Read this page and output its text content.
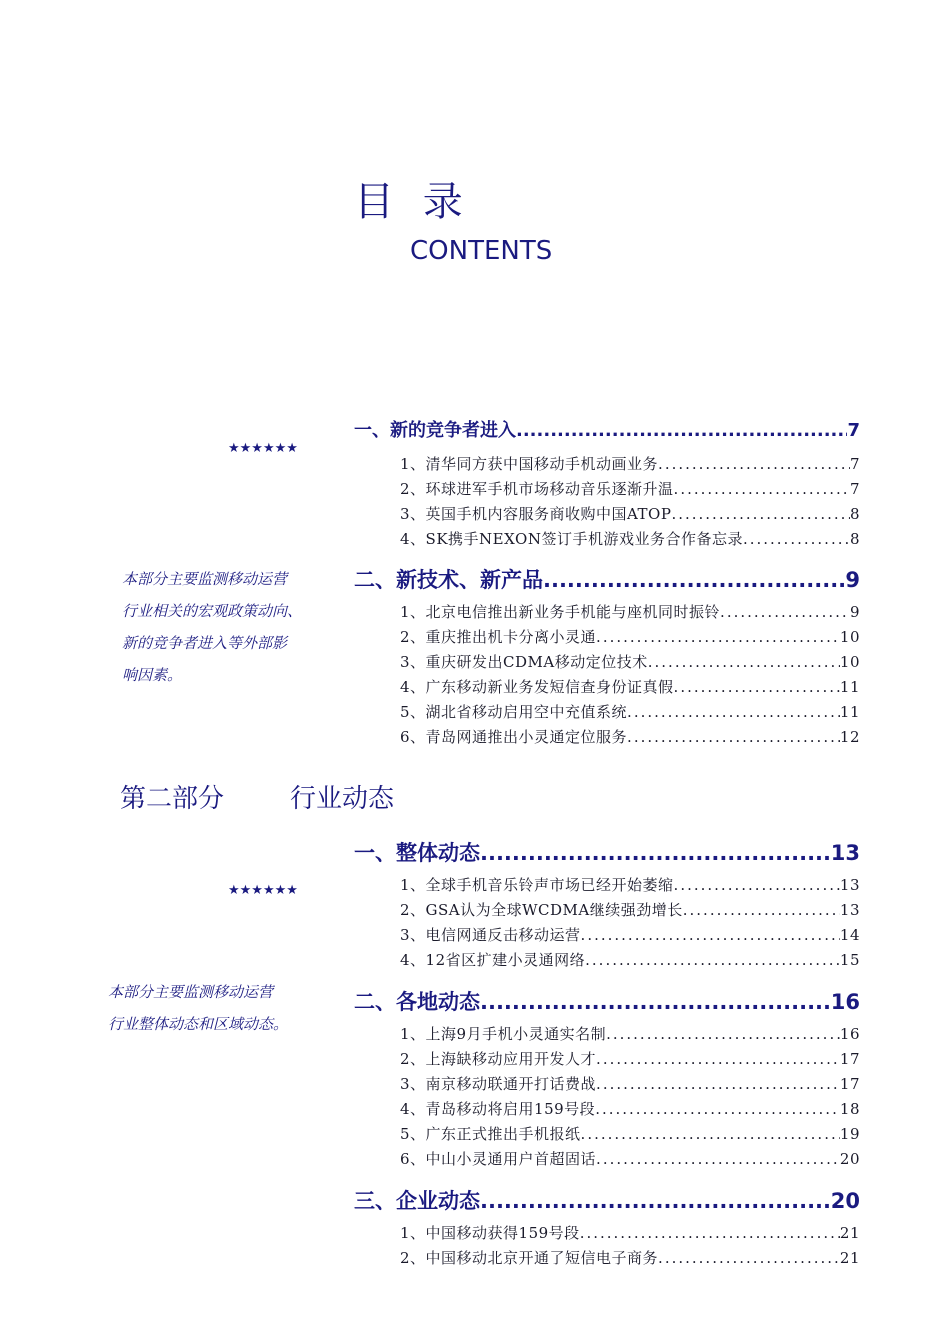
目 录
CONTENTS
★★★★★★
本部分主要监测移动运营
行业相关的宏观政策动向、
新的竞争者进入等外部影
响因素。
第二部分	行业动态
★★★★★★
本部分主要监测移动运营
行业整体动态和区域动态。
一、新的竞争者进入 .....	7
1、清华同方获中国移动手机动画业务 .....	7
2、环球进军手机市场移动音乐逐渐升温 .....	7
3、英国手机内容服务商收购中国ATOP .....	8
4、SK携手NEXON签订手机游戏业务合作备忘录 .....	8
二、新技术、新产品 .....	9
1、北京电信推出新业务手机能与座机同时振铃 .....	9
2、重庆推出机卡分离小灵通 .....	10
3、重庆研发出CDMA移动定位技术 .....	10
4、广东移动新业务发短信查身份证真假 .....	11
5、湖北省移动启用空中充值系统 .....	11
6、青岛网通推出小灵通定位服务 .....	12
一、整体动态 .....	13
1、全球手机音乐铃声市场已经开始萎缩 .....	13
2、GSA认为全球WCDMA继续强劲增长 .....	13
3、电信网通反击移动运营 .....	14
4、12省区扩建小灵通网络 .....	15
二、各地动态 .....	16
1、上海9月手机小灵通实名制 .....	16
2、上海缺移动应用开发人才 .....	17
3、南京移动联通开打话费战 .....	17
4、青岛移动将启用159号段 .....	18
5、广东正式推出手机报纸 .....	19
6、中山小灵通用户首超固话 .....	20
三、企业动态 .....	20
1、中国移动获得159号段 .....	21
2、中国移动北京开通了短信电子商务 .....	21
